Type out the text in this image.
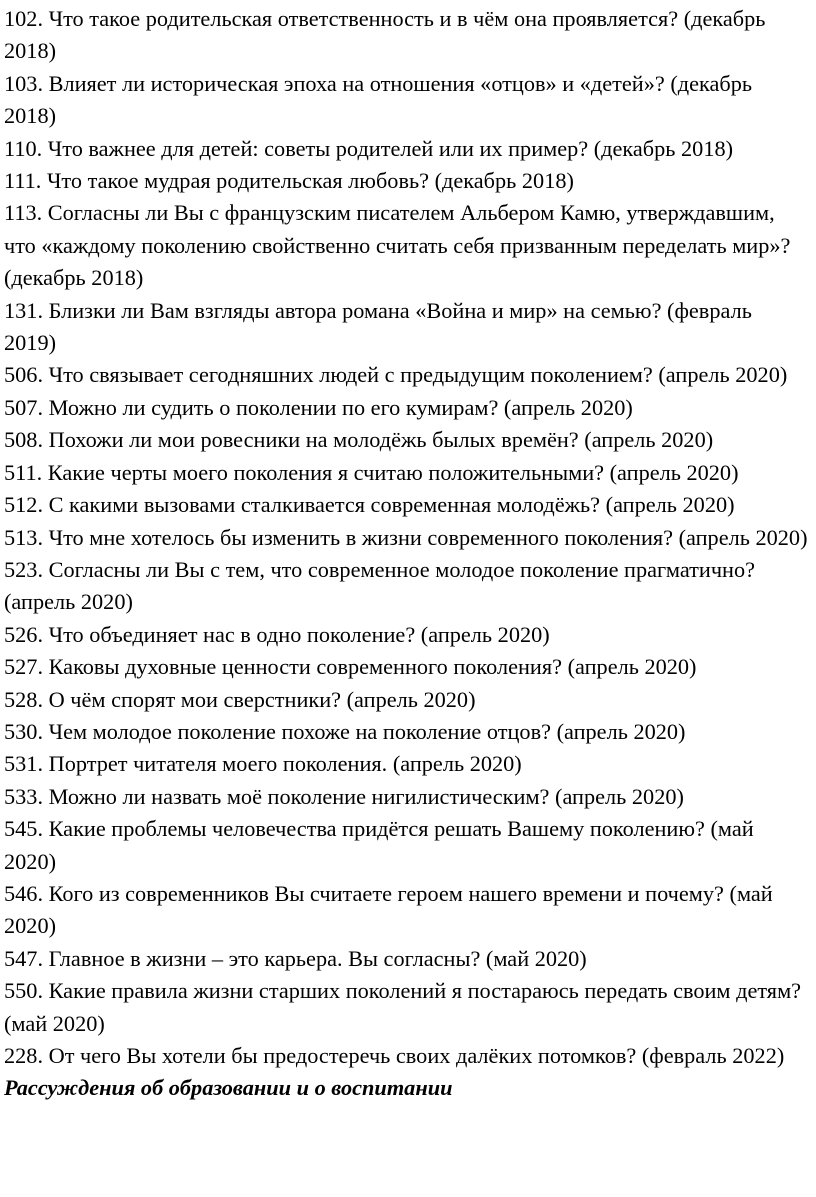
102. Что такое родительская ответственность и в чём она проявляется? (декабрь 2018)

103. Влияет ли историческая эпоха на отношения «отцов» и «детей»? (декабрь 2018)

110. Что важнее для детей: советы родителей или их пример? (декабрь 2018)

111. Что такое мудрая родительская любовь? (декабрь 2018)

113. Согласны ли Вы с французским писателем Альбером Камю, утверждавшим, что «каждому поколению свойственно считать себя призванным переделать мир»? (декабрь 2018)

131. Близки ли Вам взгляды автора романа «Война и мир» на семью? (февраль 2019)

506. Что связывает сегодняшних людей с предыдущим поколением? (апрель 2020)

507. Можно ли судить о поколении по его кумирам? (апрель 2020)

508. Похожи ли мои ровесники на молодёжь былых времён? (апрель 2020)

511. Какие черты моего поколения я считаю положительными? (апрель 2020)

512. С какими вызовами сталкивается современная молодёжь? (апрель 2020)

513. Что мне хотелось бы изменить в жизни современного поколения? (апрель 2020)

523. Согласны ли Вы с тем, что современное молодое поколение прагматично? (апрель 2020)

526. Что объединяет нас в одно поколение? (апрель 2020)

527. Каковы духовные ценности современного поколения? (апрель 2020)

528. О чём спорят мои сверстники? (апрель 2020)

530. Чем молодое поколение похоже на поколение отцов? (апрель 2020)

531. Портрет читателя моего поколения. (апрель 2020)

533. Можно ли назвать моё поколение нигилистическим? (апрель 2020)

545. Какие проблемы человечества придётся решать Вашему поколению? (май 2020)

546. Кого из современников Вы считаете героем нашего времени и почему? (май 2020)

547. Главное в жизни – это карьера. Вы согласны? (май 2020)

550. Какие правила жизни старших поколений я постараюсь передать своим детям? (май 2020)

228. От чего Вы хотели бы предостеречь своих далёких потомков? (февраль 2022)

Рассуждения об образовании и о воспитании
